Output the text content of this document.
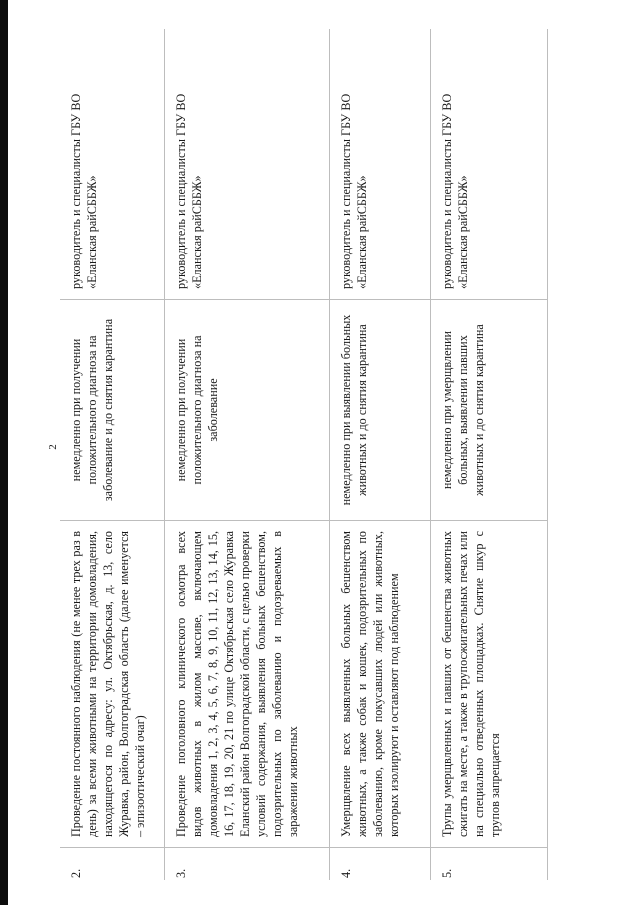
2
2.	Проведение постоянного наблюдения (не менее трех раз в день) за всеми животными на территории домовладения, находящегося по адресу: ул. Октябрьская, д. 13, село Журавка, район, Волгоградская область (далее именуется – эпизоотический очаг)	немедленно при получении положительного диагноза на заболевание и до снятия карантина	руководитель и специалисты ГБУ ВО «Еланская райСББЖ»
3.	Проведение поголовного клинического осмотра всех видов животных в жилом массиве, включающем домовладения 1, 2, 3, 4, 5, 6, 7, 8, 9, 10, 11, 12, 13, 14, 15, 16, 17, 18, 19, 20, 21 по улице Октябрьская село Журавка Еланский район Волгоградской области, с целью проверки условий содержания, выявления больных бешенством, подозрительных по заболеванию и подозреваемых в заражении животных	немедленно при получении положительного диагноза на заболевание	руководитель и специалисты ГБУ ВО «Еланская райСББЖ»
4.	Умерщвление всех выявленных больных бешенством животных, а также собак и кошек, подозрительных по заболеванию, кроме покусавших людей или животных, которых изолируют и оставляют под наблюдением	немедленно при выявлении больных животных и до снятия карантина	руководитель и специалисты ГБУ ВО «Еланская райСББЖ»
5.	Трупы умерщвленных и павших от бешенства животных сжигать на месте, а также в трупосжигательных печах или на специально отведенных площадках. Снятие шкур с трупов запрещается	немедленно при умерщвлении больных, выявлении павших животных и до снятия карантина	руководитель и специалисты ГБУ ВО «Еланская райСББЖ»
